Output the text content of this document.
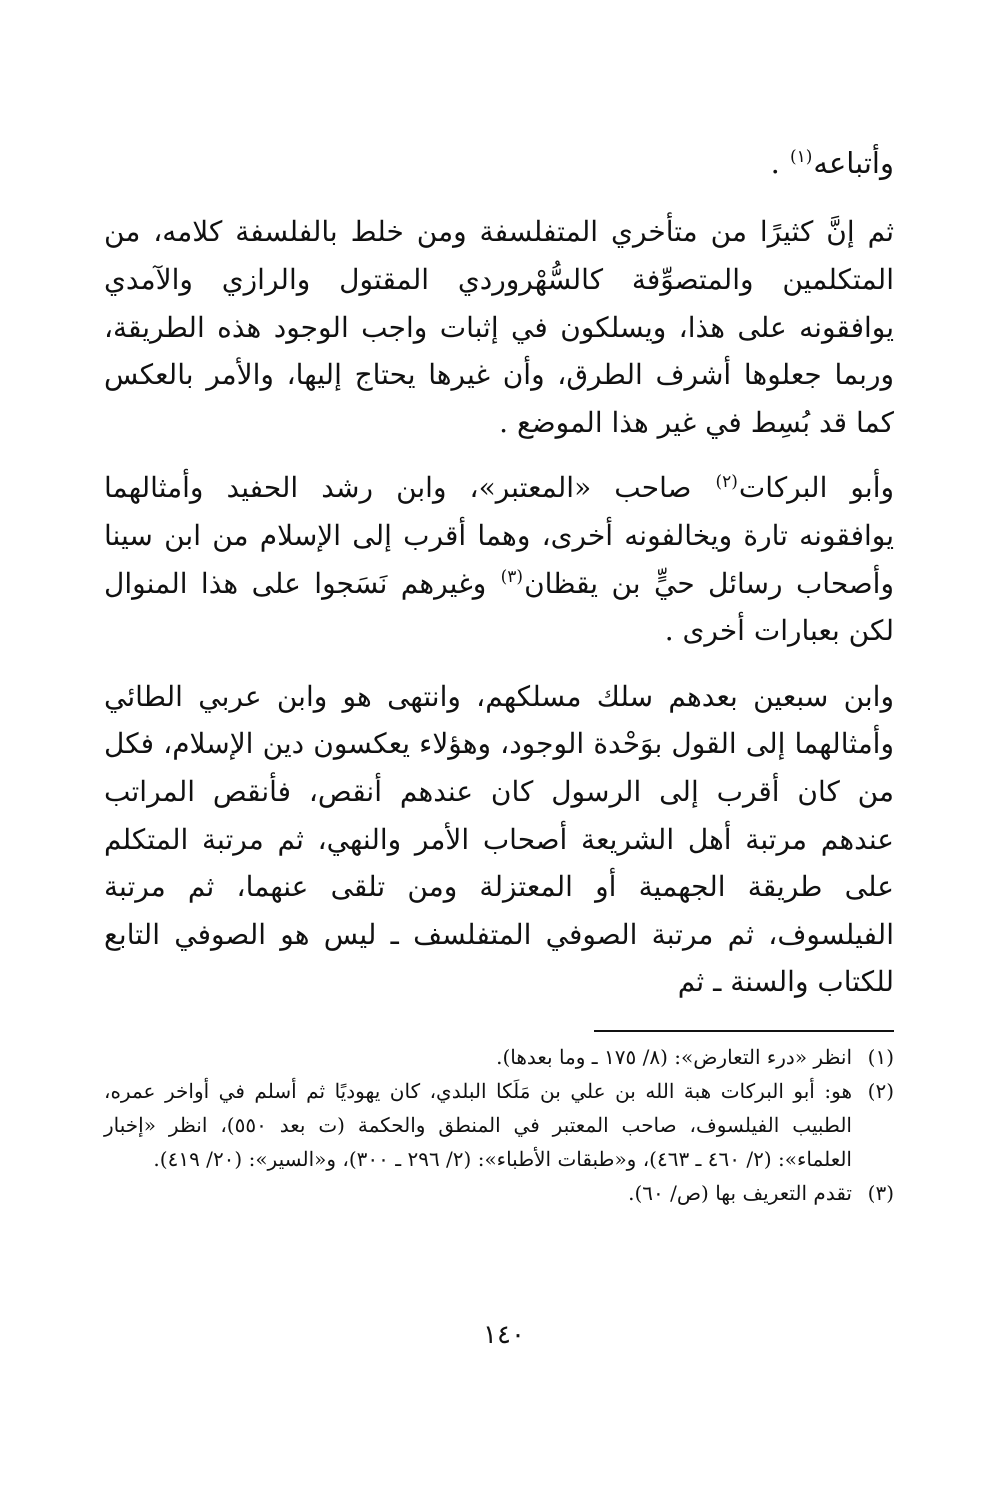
وأتباعه$^{(١)}$ .

ثم إنَّ كثيرًا من متأخري المتفلسفة ومن خلط بالفلسفة كلامه، من المتكلمين والمتصوِّفة كالسُّهْروردي المقتول والرازي والآمدي يوافقونه على هذا، ويسلكون في إثبات واجب الوجود هذه الطريقة، وربما جعلوها أشرف الطرق، وأن غيرها يحتاج إليها، والأمر بالعكس كما قد بُسِط في غير هذا الموضع .

وأبو البركات$^{(٢)}$ صاحب «المعتبر»، وابن رشد الحفيد وأمثالهما يوافقونه تارة ويخالفونه أخرى، وهما أقرب إلى الإسلام من ابن سينا وأصحاب رسائل حيٍّ بن يقظان$^{(٣)}$ وغيرهم نَسَجوا على هذا المنوال لكن بعبارات أخرى .

وابن سبعين بعدهم سلك مسلكهم، وانتهى هو وابن عربي الطائي وأمثالهما إلى القول بوَحْدة الوجود، وهؤلاء يعكسون دين الإسلام، فكل من كان أقرب إلى الرسول كان عندهم أنقص، فأنقص المراتب عندهم مرتبة أهل الشريعة أصحاب الأمر والنهي، ثم مرتبة المتكلم على طريقة الجهمية أو المعتزلة ومن تلقى عنهما، ثم مرتبة الفيلسوف، ثم مرتبة الصوفي المتفلسف ـ ليس هو الصوفي التابع للكتاب والسنة ـ ثم

(١)
انظر «درء التعارض»: (٨/ ١٧٥ ـ وما بعدها).
(٢)
هو: أبو البركات هبة الله بن علي بن مَلَكا البلدي، كان يهوديًا ثم أسلم في أواخر عمره، الطبيب الفيلسوف، صاحب المعتبر في المنطق والحكمة (ت بعد ٥٥٠)، انظر «إخبار العلماء»: (٢/ ٤٦٠ ـ ٤٦٣)، و«طبقات الأطباء»: (٢/ ٢٩٦ ـ ٣٠٠)، و«السير»: (٢٠/ ٤١٩).
(٣)
تقدم التعريف بها (ص/ ٦٠).
١٤٠
